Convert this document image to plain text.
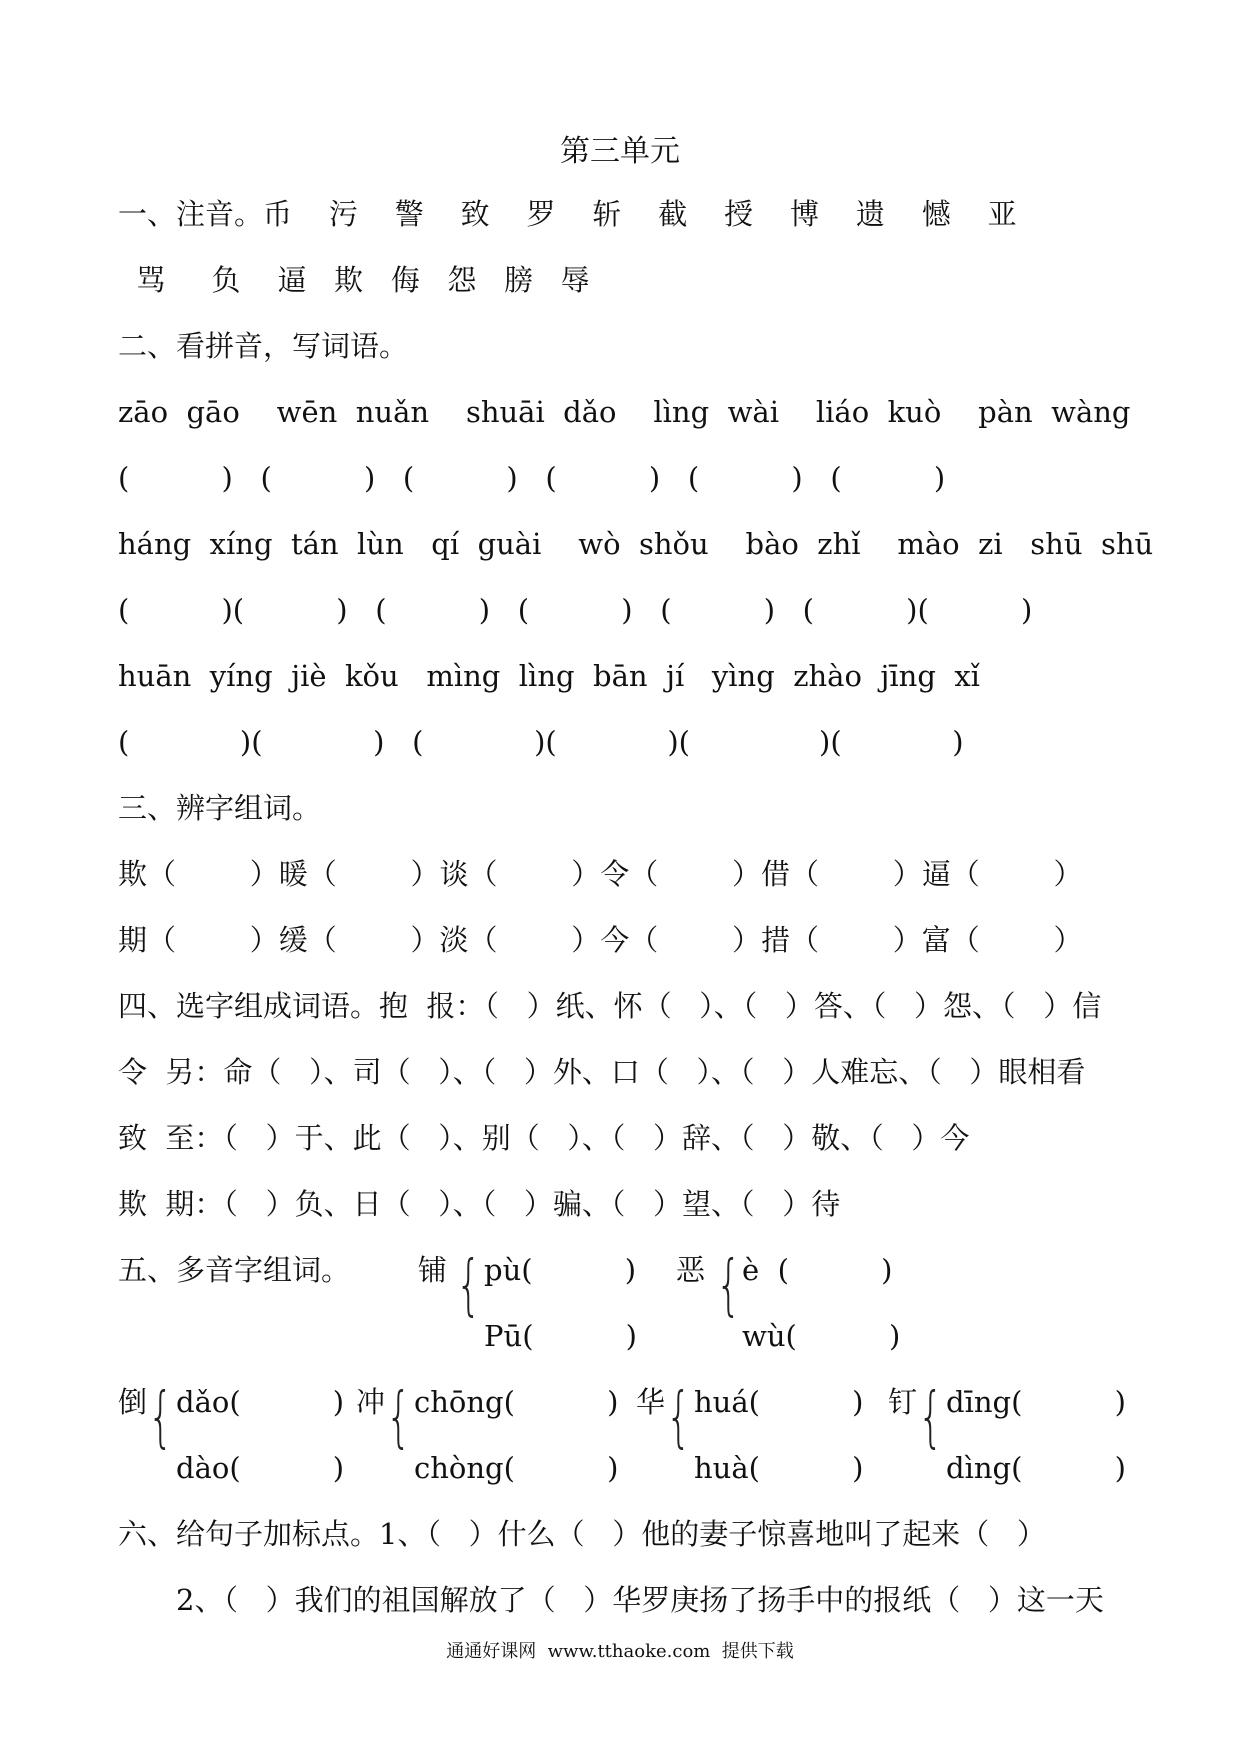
第三单元
一、注音。币    污    警    致    罗    斩    截    授    博    遗    憾    亚
骂     负    逼   欺   侮   怨   膀   辱
二、看拼音，写词语。
zāo  gāo    wēn  nuǎn    shuāi  dǎo    lìng  wài    liáo  kuò    pàn  wàng
(          )   (          )   (          )   (          )   (          )   (          )
háng  xíng  tán  lùn   qí  guài    wò  shǒu    bào  zhǐ    mào  zi   shū  shū
(          )(          )   (          )   (          )   (          )   (          )(          )
huān  yíng  jiè  kǒu   mìng  lìng  bān  jí   yìng  zhào  jīng  xǐ
(            )(            )   (            )(            )(              )(            )
三、辨字组词。
欺（        ）暖（        ）谈（        ）令（        ）借（        ）逼（        ）
期（        ）缓（        ）淡（        ）今（        ）措（        ）富（        ）
四、选字组成词语。抱  报：（   ）纸、怀（   ）、（   ）答、（   ）怨、（   ）信
令  另：命（   ）、司（   ）、（   ）外、口（   ）、（   ）人难忘、（   ）眼相看
致  至：（   ）于、此（   ）、别（   ）、（   ）辞、（   ）敬、（   ）今
欺  期：（   ）负、日（   ）、（   ）骗、（   ）望、（   ）待
五、多音字组词。 铺 { pù(          )
Pū(          )
恶 { è  (          )
wù(          )
倒 { dǎo(          )
dào(          )
冲 { chōng(          )
chòng(          )
华 { huá(          )
huà(          )
钉 { dīng(          )
dìng(          )
六、给句子加标点。1、（   ）什么（   ）他的妻子惊喜地叫了起来（   ）
2、（   ）我们的祖国解放了（   ）华罗庚扬了扬手中的报纸（   ）这一天
通通好课网  www.tthaoke.com  提供下载
